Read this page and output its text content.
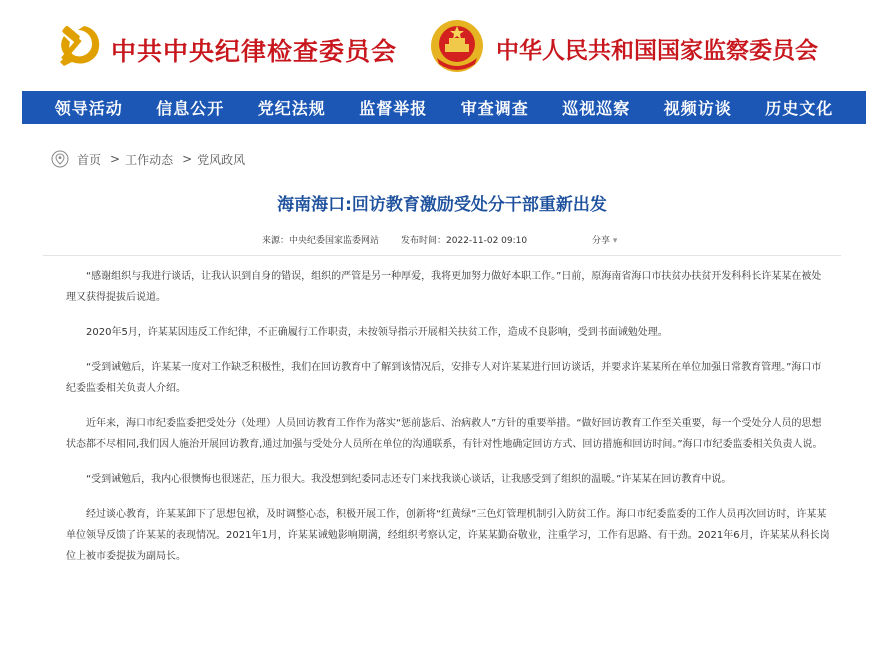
中共中央纪律检查委员会	中华人民共和国国家监察委员会
领导活动 信息公开 党纪法规 监督举报 审查调查 巡视巡察 视频访谈 历史文化
首页 > 工作动态 > 党风政风
海南海口:回访教育激励受处分干部重新出发
来源：中央纪委国家监委网站 发布时间：2022-11-02 09:10	分享 ▾

“感谢组织与我进行谈话，让我认识到自身的错误，组织的严管是另一种厚爱，我将更加努力做好本职工作。”日前，原海南省海口市扶贫办扶贫开发科科长许某某在被处理又获得提拔后说道。

2020年5月，许某某因违反工作纪律，不正确履行工作职责，未按领导指示开展相关扶贫工作，造成不良影响，受到书面诫勉处理。

“受到诫勉后，许某某一度对工作缺乏积极性，我们在回访教育中了解到该情况后，安排专人对许某某进行回访谈话，并要求许某某所在单位加强日常教育管理。”海口市纪委监委相关负责人介绍。

近年来，海口市纪委监委把受处分（处理）人员回访教育工作作为落实“惩前毖后、治病救人”方针的重要举措。“做好回访教育工作至关重要，每一个受处分人员的思想状态都不尽相同,我们因人施治开展回访教育,通过加强与受处分人员所在单位的沟通联系，有针对性地确定回访方式、回访措施和回访时间。”海口市纪委监委相关负责人说。

“受到诫勉后，我内心很懊悔也很迷茫，压力很大。我没想到纪委同志还专门来找我谈心谈话，让我感受到了组织的温暖。”许某某在回访教育中说。

经过谈心教育，许某某卸下了思想包袱，及时调整心态，积极开展工作，创新将“红黄绿”三色灯管理机制引入防贫工作。海口市纪委监委的工作人员再次回访时，许某某单位领导反馈了许某某的表现情况。2021年1月，许某某诫勉影响期满，经组织考察认定，许某某勤奋敬业，注重学习，工作有思路、有干劲。2021年6月，许某某从科长岗位上被市委提拔为副局长。
